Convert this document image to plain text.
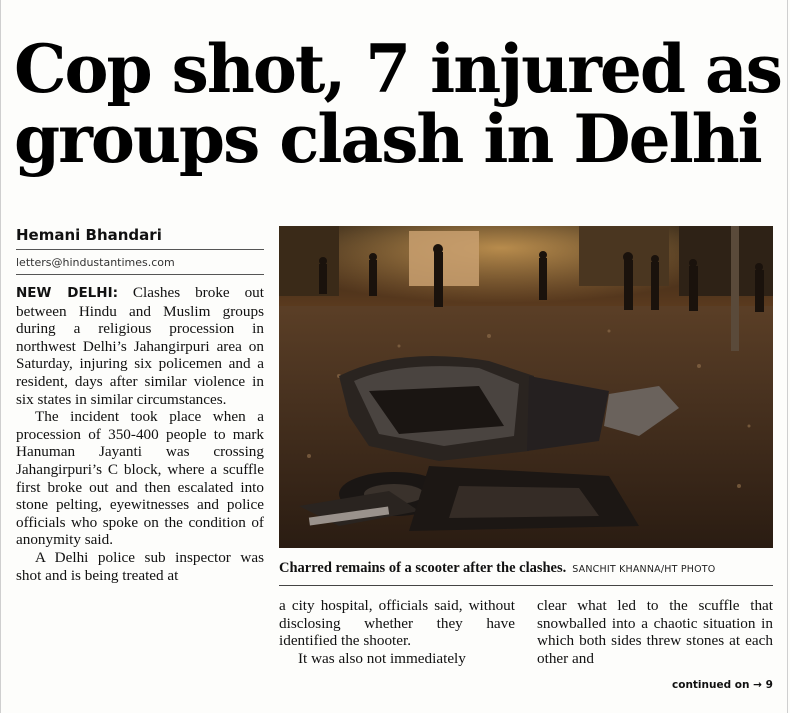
Cop shot, 7 injured as
groups clash in Delhi
Hemani Bhandari
letters@hindustantimes.com

NEW DELHI: Clashes broke out between Hindu and Muslim groups during a religious procession in northwest Delhi’s Jahangirpuri area on Saturday, injuring six policemen and a resident, days after similar violence in six states in similar circumstances.

The incident took place when a procession of 350-400 people to mark Hanuman Jayanti was crossing Jahangirpuri’s C block, where a scuffle first broke out and then escalated into stone pelting, eyewitnesses and police officials who spoke on the condition of anonymity said.

A Delhi police sub inspector was shot and is being treated at	Charred remains of a scooter after the clashes. SANCHIT KHANNA/HT PHOTO

a city hospital, officials said, without disclosing whether they have identified the shooter.

It was also not immediately

clear what led to the scuffle that snowballed into a chaotic situation in which both sides threw stones at each other and

continued on → 9
